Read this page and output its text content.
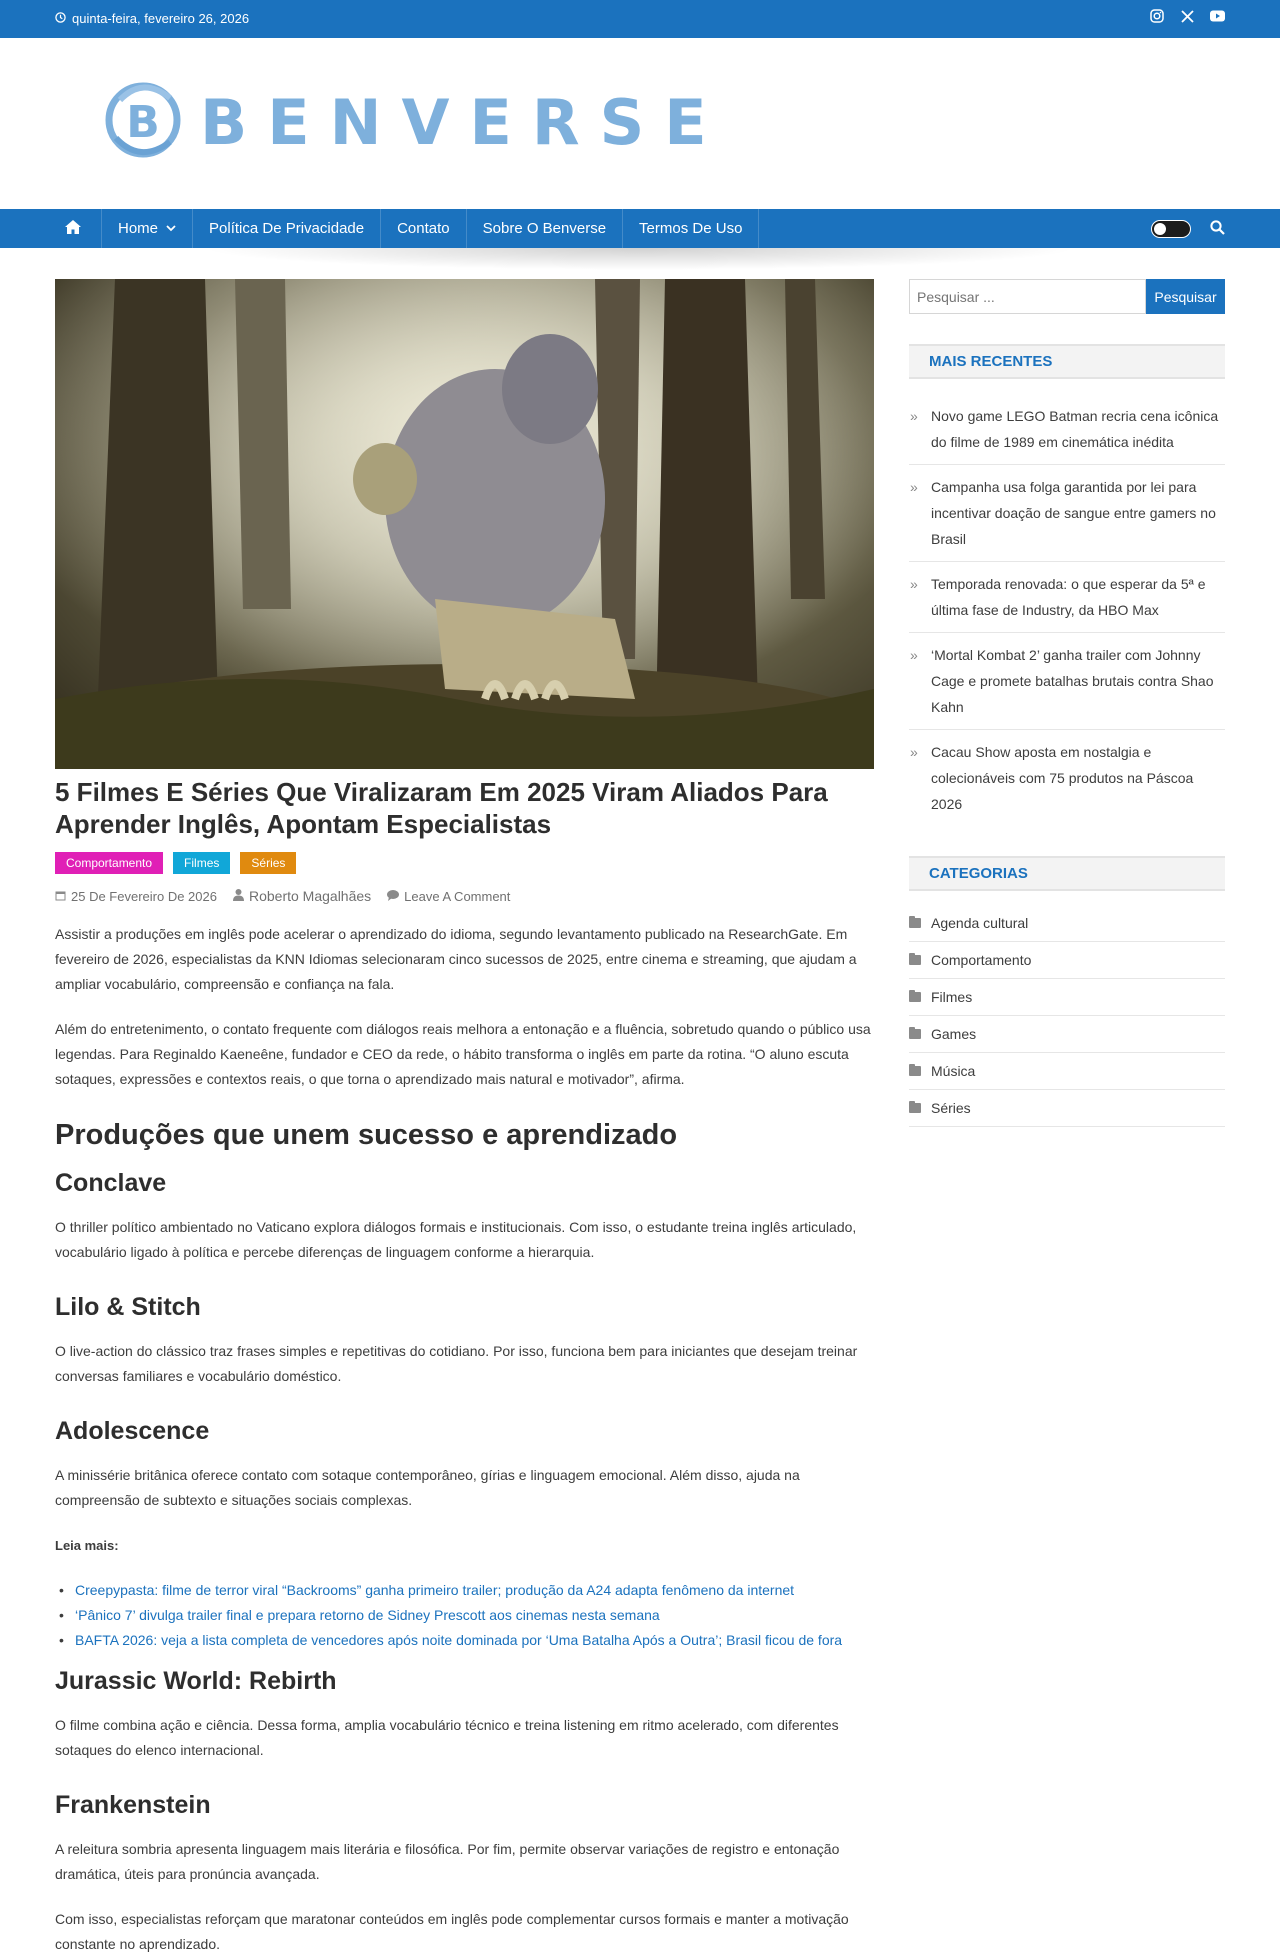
quinta-feira, fevereiro 26, 2026
B BENVERSE
Home	Política De Privacidade	Contato	Sobre O Benverse	Termos De Uso
5 Filmes E Séries Que Viralizaram Em 2025 Viram Aliados Para Aprender Inglês, Apontam Especialistas
Comportamento	Filmes	Séries
25 De Fevereiro De 2026 Roberto Magalhães	Leave A Comment

Assistir a produções em inglês pode acelerar o aprendizado do idioma, segundo levantamento publicado na ResearchGate. Em fevereiro de 2026, especialistas da KNN Idiomas selecionaram cinco sucessos de 2025, entre cinema e streaming, que ajudam a ampliar vocabulário, compreensão e confiança na fala.

Além do entretenimento, o contato frequente com diálogos reais melhora a entonação e a fluência, sobretudo quando o público usa legendas. Para Reginaldo Kaeneêne, fundador e CEO da rede, o hábito transforma o inglês em parte da rotina. “O aluno escuta sotaques, expressões e contextos reais, o que torna o aprendizado mais natural e motivador”, afirma.

Produções que unem sucesso e aprendizado
Conclave

O thriller político ambientado no Vaticano explora diálogos formais e institucionais. Com isso, o estudante treina inglês articulado, vocabulário ligado à política e percebe diferenças de linguagem conforme a hierarquia.

Lilo & Stitch

O live-action do clássico traz frases simples e repetitivas do cotidiano. Por isso, funciona bem para iniciantes que desejam treinar conversas familiares e vocabulário doméstico.

Adolescence

A minissérie britânica oferece contato com sotaque contemporâneo, gírias e linguagem emocional. Além disso, ajuda na compreensão de subtexto e situações sociais complexas.

Leia mais:

• Creepypasta: filme de terror viral “Backrooms” ganha primeiro trailer; produção da A24 adapta fenômeno da internet
• ‘Pânico 7’ divulga trailer final e prepara retorno de Sidney Prescott aos cinemas nesta semana
• BAFTA 2026: veja a lista completa de vencedores após noite dominada por ‘Uma Batalha Após a Outra’; Brasil ficou de fora
Jurassic World: Rebirth

O filme combina ação e ciência. Dessa forma, amplia vocabulário técnico e treina listening em ritmo acelerado, com diferentes sotaques do elenco internacional.

Frankenstein

A releitura sombria apresenta linguagem mais literária e filosófica. Por fim, permite observar variações de registro e entonação dramática, úteis para pronúncia avançada.

Com isso, especialistas reforçam que maratonar conteúdos em inglês pode complementar cursos formais e manter a motivação constante no aprendizado.

Pesquisar ...
Pesquisar
MAIS RECENTES
» Novo game LEGO Batman recria cena icônica do filme de 1989 em cinemática inédita
» Campanha usa folga garantida por lei para incentivar doação de sangue entre gamers no Brasil
» Temporada renovada: o que esperar da 5ª e última fase de Industry, da HBO Max
» ‘Mortal Kombat 2’ ganha trailer com Johnny Cage e promete batalhas brutais contra Shao Kahn
» Cacau Show aposta em nostalgia e colecionáveis com 75 produtos na Páscoa 2026
CATEGORIAS
Agenda cultural
Comportamento
Filmes
Games
Música
Séries
